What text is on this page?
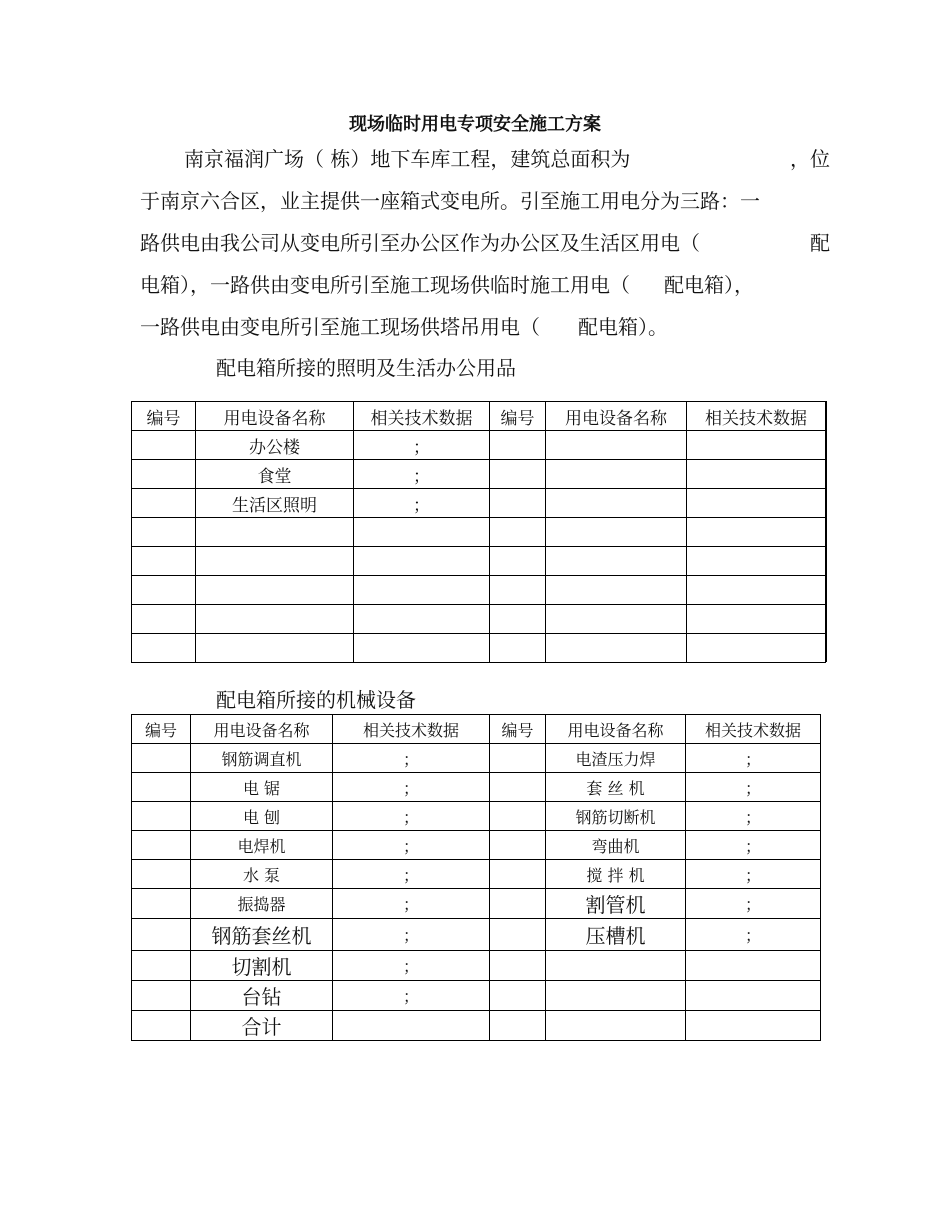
现场临时用电专项安全施工方案
南京福润广场（ 栋）地下车库工程，建筑总面积为	，位
于南京六合区，业主提供一座箱式变电所。引至施工用电分为三路：一
路供电由我公司从变电所引至办公区作为办公区及生活区用电（	配
电箱），一路供由变电所引至施工现场供临时施工用电（ 配电箱），
一路供电由变电所引至施工现场供塔吊用电（ 配电箱）。
配电箱所接的照明及生活办公用品
编号	用电设备名称	相关技术数据	编号	用电设备名称	相关技术数据
	办公楼	；			
	食堂	；			
	生活区照明	；			

配电箱所接的机械设备
编号	用电设备名称	相关技术数据	编号	用电设备名称	相关技术数据
	钢筋调直机	；		电渣压力焊	；
	电 锯	；		套 丝 机	；
	电 刨	；		钢筋切断机	；
	电焊机	；		弯曲机	；
	水 泵	；		搅 拌 机	；
	振捣器	；		割管机	；
	钢筋套丝机	；		压槽机	；
	切割机	；			
	台钻	；			
	合计				
